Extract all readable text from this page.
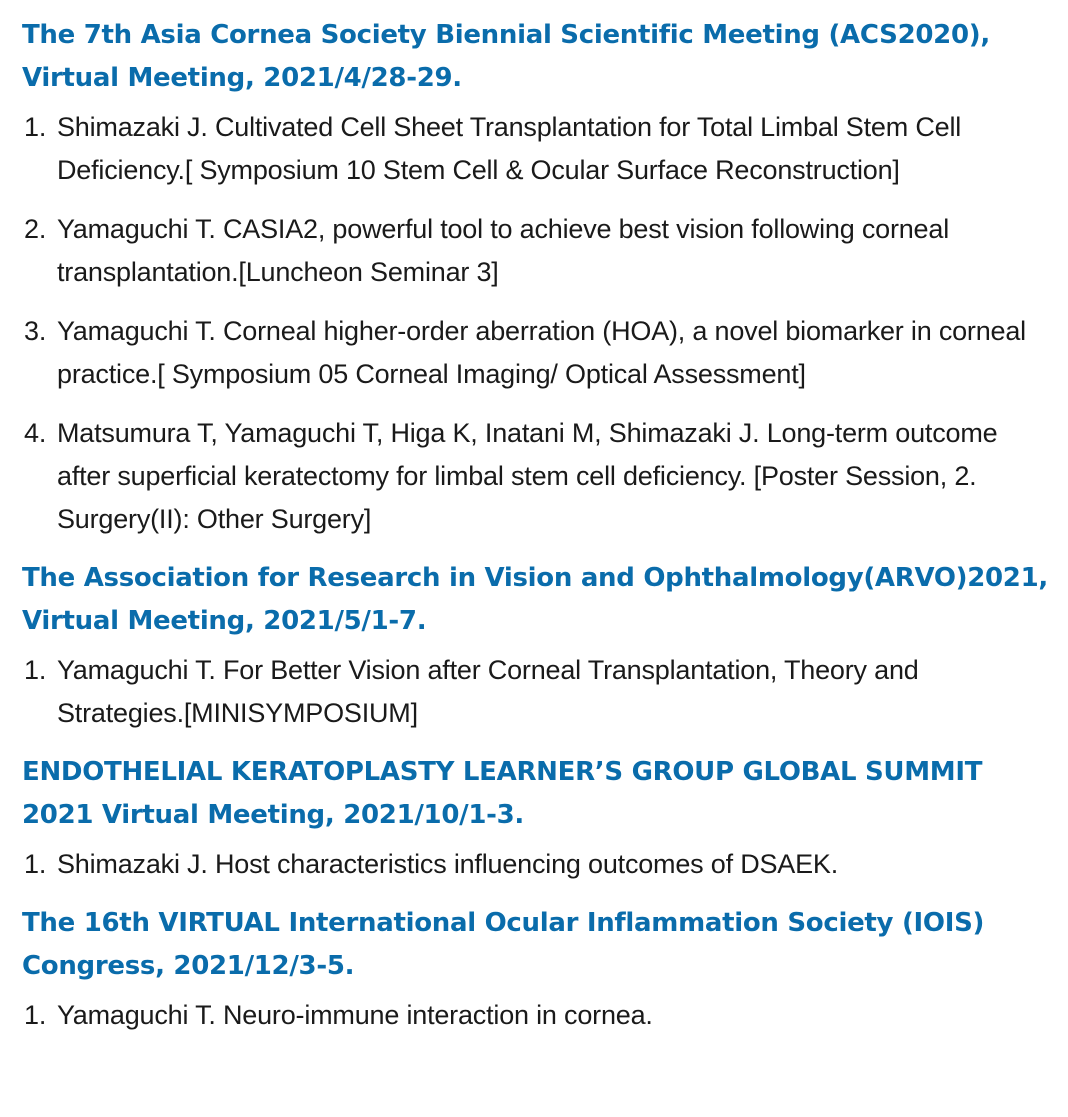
The 7th Asia Cornea Society Biennial Scientific Meeting (ACS2020), Virtual Meeting, 2021/4/28-29.
1. Shimazaki J. Cultivated Cell Sheet Transplantation for Total Limbal Stem Cell Deficiency.[ Symposium 10 Stem Cell & Ocular Surface Reconstruction]
2. Yamaguchi T. CASIA2, powerful tool to achieve best vision following corneal transplantation.[Luncheon Seminar 3]
3. Yamaguchi T. Corneal higher-order aberration (HOA), a novel biomarker in corneal practice.[ Symposium 05 Corneal Imaging/ Optical Assessment]
4. Matsumura T, Yamaguchi T, Higa K, Inatani M, Shimazaki J. Long-term outcome after superficial keratectomy for limbal stem cell deficiency. [Poster Session, 2. Surgery(II): Other Surgery]
The Association for Research in Vision and Ophthalmology(ARVO)2021, Virtual Meeting, 2021/5/1-7.
1. Yamaguchi T. For Better Vision after Corneal Transplantation, Theory and Strategies.[MINISYMPOSIUM]
ENDOTHELIAL KERATOPLASTY LEARNER’S GROUP GLOBAL SUMMIT 2021 Virtual Meeting, 2021/10/1-3.
1. Shimazaki J. Host characteristics influencing outcomes of DSAEK.
The 16th VIRTUAL International Ocular Inflammation Society (IOIS) Congress, 2021/12/3-5.
1. Yamaguchi T. Neuro-immune interaction in cornea.
